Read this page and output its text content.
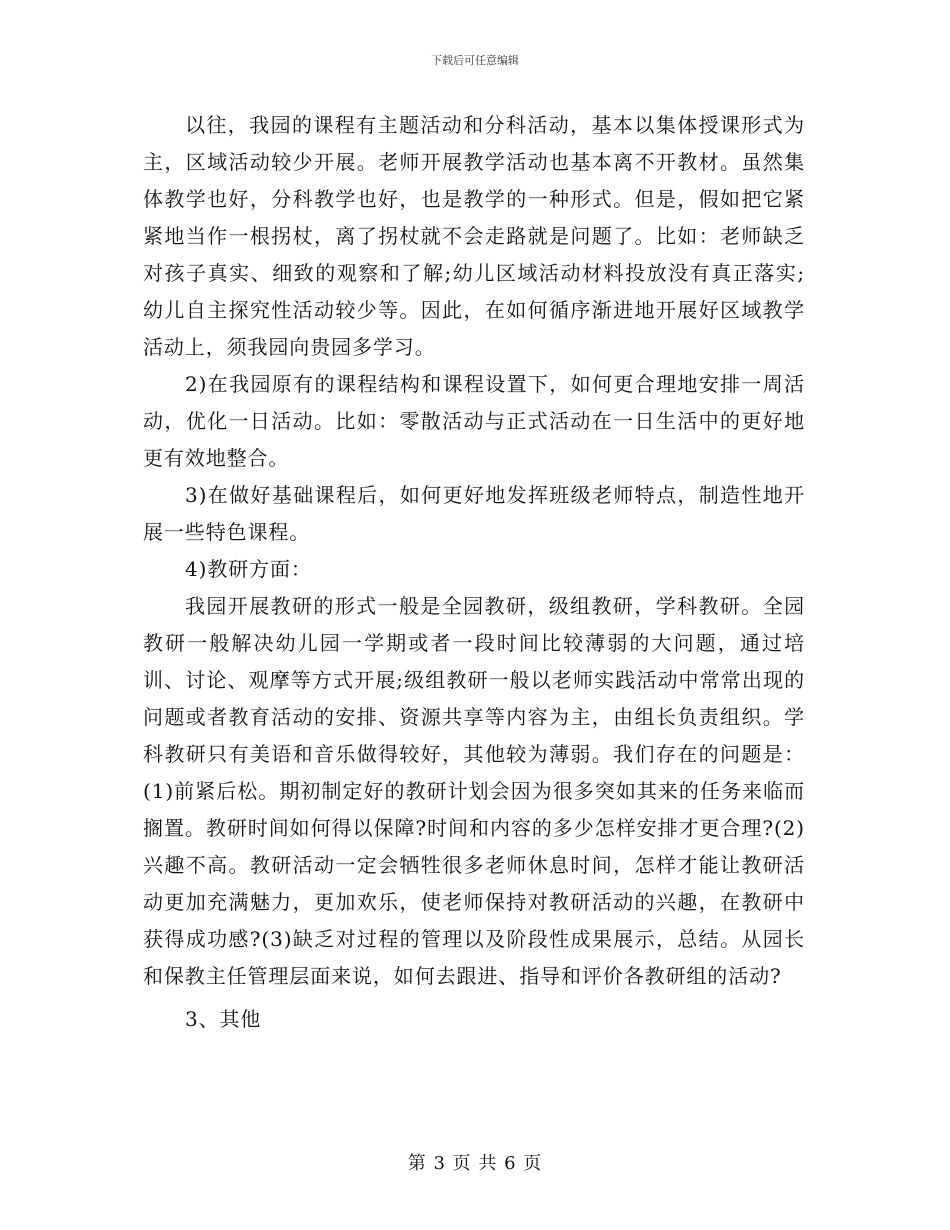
下载后可任意编辑

以往，我园的课程有主题活动和分科活动，基本以集体授课形式为主，区域活动较少开展。老师开展教学活动也基本离不开教材。虽然集体教学也好，分科教学也好，也是教学的一种形式。但是，假如把它紧紧地当作一根拐杖，离了拐杖就不会走路就是问题了。比如：老师缺乏对孩子真实、细致的观察和了解;幼儿区域活动材料投放没有真正落实;幼儿自主探究性活动较少等。因此，在如何循序渐进地开展好区域教学活动上，须我园向贵园多学习。

2)在我园原有的课程结构和课程设置下，如何更合理地安排一周活动，优化一日活动。比如：零散活动与正式活动在一日生活中的更好地更有效地整合。

3)在做好基础课程后，如何更好地发挥班级老师特点，制造性地开展一些特色课程。

4)教研方面：

我园开展教研的形式一般是全园教研，级组教研，学科教研。全园教研一般解决幼儿园一学期或者一段时间比较薄弱的大问题，通过培训、讨论、观摩等方式开展;级组教研一般以老师实践活动中常常出现的问题或者教育活动的安排、资源共享等内容为主，由组长负责组织。学科教研只有美语和音乐做得较好，其他较为薄弱。我们存在的问题是：(1)前紧后松。期初制定好的教研计划会因为很多突如其来的任务来临而搁置。教研时间如何得以保障?时间和内容的多少怎样安排才更合理?(2)兴趣不高。教研活动一定会牺牲很多老师休息时间，怎样才能让教研活动更加充满魅力，更加欢乐，使老师保持对教研活动的兴趣，在教研中获得成功感?(3)缺乏对过程的管理以及阶段性成果展示，总结。从园长和保教主任管理层面来说，如何去跟进、指导和评价各教研组的活动?

3、其他

第 3 页 共 6 页
